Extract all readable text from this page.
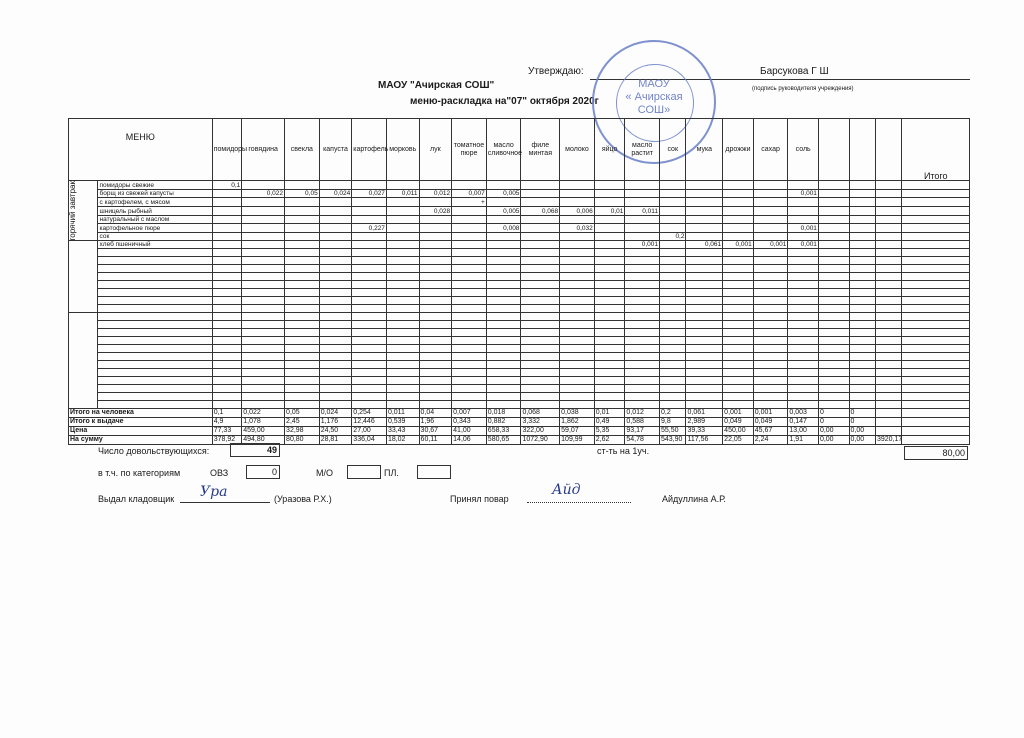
Утверждаю:	Барсукова Г Ш
(подпись руководителя учреждения)
МАОУ "Ачирская СОШ"
меню-раскладка на"07" октября 2020г
МАОУ
« Ачирская
СОШ»
МЕНЮ		помидоры	говядина	свекла	капуста	картофель	морковь	лук	томатное пюре	масло сливочное	филе минтая	молоко	яйцо	масло растит	сок	мука	дрожжи	сахар	соль				Итого

горячий завтрак	помидоры свежие	0,1																					
	борщ из свежей капусты		0,022	0,05	0,024	0,027	0,011	0,012	0,007	0,005									0,001				
	с картофелем, с мясом								+														
	шницель рыбный							0,028		0,005	0,068	0,006	0,01	0,011									
	натуральный с маслом																						
	картофельное пюре					0,227				0,008		0,032							0,001				
	сок														0,2								
	хлеб пшеничный													0,001		0,061	0,001	0,001	0,001				

Итого на человека		0,1	0,022	0,05	0,024	0,254	0,011	0,04	0,007	0,018	0,068	0,038	0,01	0,012	0,2	0,061	0,001	0,001	0,003	0	0		
Итого к выдаче		4,9	1,078	2,45	1,176	12,446	0,539	1,96	0,343	0,882	3,332	1,862	0,49	0,588	9,8	2,989	0,049	0,049	0,147	0	0		
Цена		77,33	459,00	32,98	24,50	27,00	33,43	30,67	41,00	658,33	322,00	59,07	5,35	93,17	55,50	39,33	450,00	45,67	13,00	0,00	0,00		
На сумму		378,92	494,80	80,80	28,81	336,04	18,02	60,11	14,06	580,65	1072,90	109,99	2,62	54,78	543,90	117,56	22,05	2,24	1,91	0,00	0,00	3920,17	
Число довольствующихся:	49	ст-ть на 1уч.	80,00
в т.ч. по категориям	ОВЗ	0	М/О	ПЛ.
Выдал кладовщик Ура	(Уразова Р.Х.)	Принял повар
Айд
Айдуллина А.Р.
